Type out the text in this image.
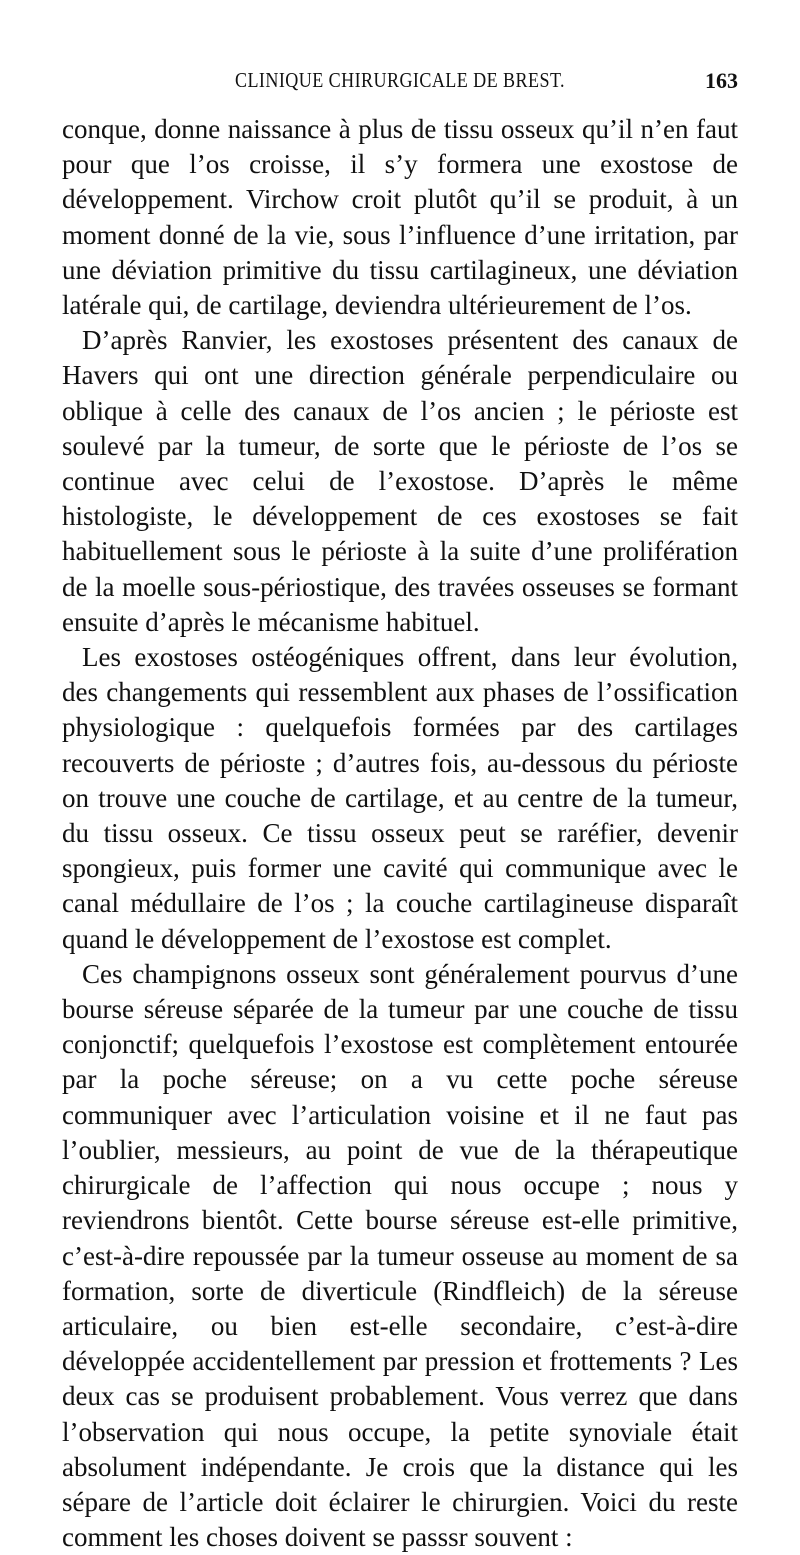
CLINIQUE CHIRURGICALE DE BREST.	163

conque, donne naissance à plus de tissu osseux qu’il n’en faut pour que l’os croisse, il s’y formera une exostose de développement. Virchow croit plutôt qu’il se produit, à un moment donné de la vie, sous l’influence d’une irritation, par une déviation primitive du tissu cartilagineux, une déviation latérale qui, de cartilage, deviendra ultérieurement de l’os.

D’après Ranvier, les exostoses présentent des canaux de Havers qui ont une direction générale perpendiculaire ou oblique à celle des canaux de l’os ancien ; le périoste est soulevé par la tumeur, de sorte que le périoste de l’os se continue avec celui de l’exostose. D’après le même histologiste, le développement de ces exostoses se fait habituellement sous le périoste à la suite d’une prolifération de la moelle sous-périostique, des travées osseuses se formant ensuite d’après le mécanisme habituel.

Les exostoses ostéogéniques offrent, dans leur évolution, des changements qui ressemblent aux phases de l’ossification physiologique : quelquefois formées par des cartilages recouverts de périoste ; d’autres fois, au-dessous du périoste on trouve une couche de cartilage, et au centre de la tumeur, du tissu osseux. Ce tissu osseux peut se raréfier, devenir spongieux, puis former une cavité qui communique avec le canal médullaire de l’os ; la couche cartilagineuse disparaît quand le développement de l’exostose est complet.

Ces champignons osseux sont généralement pourvus d’une bourse séreuse séparée de la tumeur par une couche de tissu conjonctif; quelquefois l’exostose est complètement entourée par la poche séreuse; on a vu cette poche séreuse communiquer avec l’articulation voisine et il ne faut pas l’oublier, messieurs, au point de vue de la thérapeutique chirurgicale de l’affection qui nous occupe ; nous y reviendrons bientôt. Cette bourse séreuse est-elle primitive, c’est-à-dire repoussée par la tumeur osseuse au moment de sa formation, sorte de diverticule (Rindfleich) de la séreuse articulaire, ou bien est-elle secondaire, c’est-à-dire développée accidentellement par pression et frottements ? Les deux cas se produisent probablement. Vous verrez que dans l’observation qui nous occupe, la petite synoviale était absolument indépendante. Je crois que la distance qui les sépare de l’article doit éclairer le chirurgien. Voici du reste comment les choses doivent se passsr souvent :
